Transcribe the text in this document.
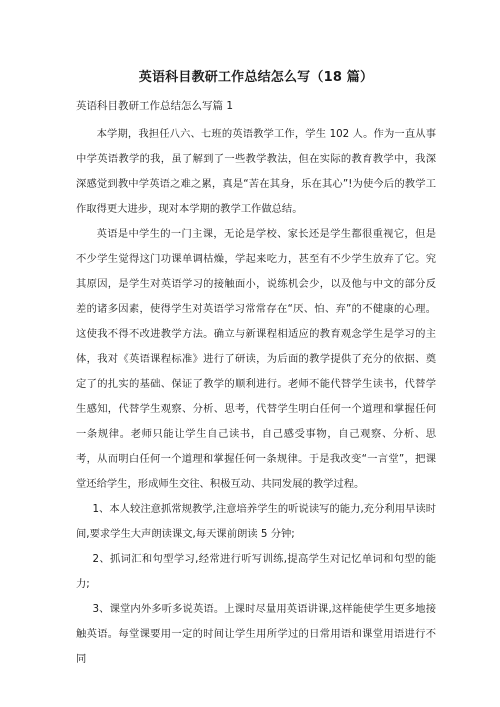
英语科目教研工作总结怎么写（18 篇）
英语科目教研工作总结怎么写篇 1

本学期，我担任八六、七班的英语教学工作，学生 102 人。作为一直从事中学英语教学的我，虽了解到了一些教学教法，但在实际的教育教学中，我深深感觉到教中学英语之难之累，真是“苦在其身，乐在其心”!为使今后的教学工作取得更大进步，现对本学期的教学工作做总结。

英语是中学生的一门主课，无论是学校、家长还是学生都很重视它，但是不少学生觉得这门功课单调枯燥，学起来吃力，甚至有不少学生放弃了它。究其原因，是学生对英语学习的接触面小，说练机会少，以及他与中文的部分反差的诸多因素，使得学生对英语学习常常存在“厌、怕、弃”的不健康的心理。这使我不得不改进教学方法。确立与新课程相适应的教育观念学生是学习的主体，我对《英语课程标准》进行了研读，为后面的教学提供了充分的依据、奠定了的扎实的基础、保证了教学的顺利进行。老师不能代替学生读书，代替学生感知，代替学生观察、分析、思考，代替学生明白任何一个道理和掌握任何一条规律。老师只能让学生自己读书，自己感受事物，自己观察、分析、思考，从而明白任何一个道理和掌握任何一条规律。于是我改变“一言堂”，把课堂还给学生，形成师生交往、积极互动、共同发展的教学过程。

1、本人较注意抓常规教学,注意培养学生的听说读写的能力,充分利用早读时间,要求学生大声朗读课文,每天课前朗读 5 分钟;

2、抓词汇和句型学习,经常进行听写训练,提高学生对记忆单词和句型的能力;

3、课堂内外多听多说英语。上课时尽量用英语讲课,这样能使学生更多地接触英语。每堂课要用一定的时间让学生用所学过的日常用语和课堂用语进行不同
